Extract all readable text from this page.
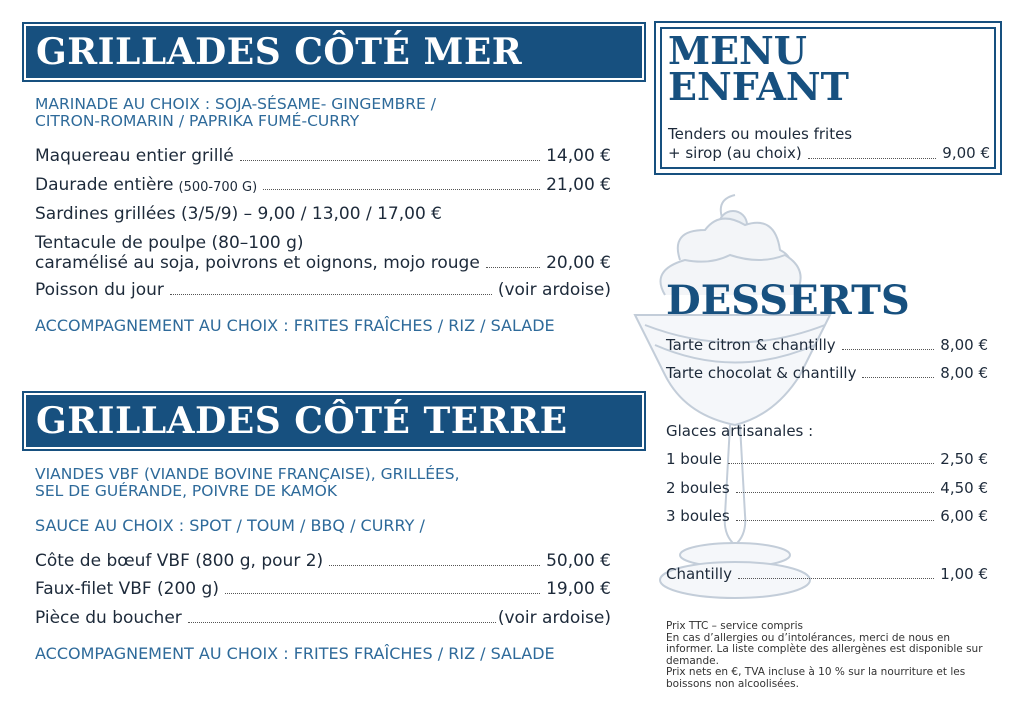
GRILLADES CÔTÉ MER
MARINADE AU CHOIX : SOJA-SÉSAME- GINGEMBRE /
CITRON-ROMARIN / PAPRIKA FUMÉ-CURRY
Maquereau entier grillé	14,00 €
Daurade entière (500-700 G)	21,00 €
Sardines grillées (3/5/9) – 9,00 / 13,00 / 17,00 €
Tentacule de poulpe (80–100 g)
caramélisé au soja, poivrons et oignons, mojo rouge	20,00 €
Poisson du jour	(voir ardoise)
ACCOMPAGNEMENT AU CHOIX : FRITES FRAÎCHES / RIZ / SALADE
GRILLADES CÔTÉ TERRE
VIANDES VBF (VIANDE BOVINE FRANÇAISE), GRILLÉES,
SEL DE GUÉRANDE, POIVRE DE KAMOK
SAUCE AU CHOIX : SPOT / TOUM / BBQ / CURRY /
Côte de bœuf VBF (800 g, pour 2)	50,00 €
Faux-filet VBF (200 g)	19,00 €
Pièce du boucher	(voir ardoise)
ACCOMPAGNEMENT AU CHOIX : FRITES FRAÎCHES / RIZ / SALADE
MENU
ENFANT
Tenders ou moules frites
+ sirop (au choix)	9,00 €
DESSERTS
Tarte citron & chantilly	8,00 €
Tarte chocolat & chantilly	8,00 €
Glaces artisanales :
1 boule	2,50 €
2 boules	4,50 €
3 boules	6,00 €
Chantilly	1,00 €
Prix TTC – service compris
En cas d’allergies ou d’intolérances, merci de nous en informer. La liste complète des allergènes est disponible sur demande.
Prix nets en €, TVA incluse à 10 % sur la nourriture et les boissons non alcoolisées.
